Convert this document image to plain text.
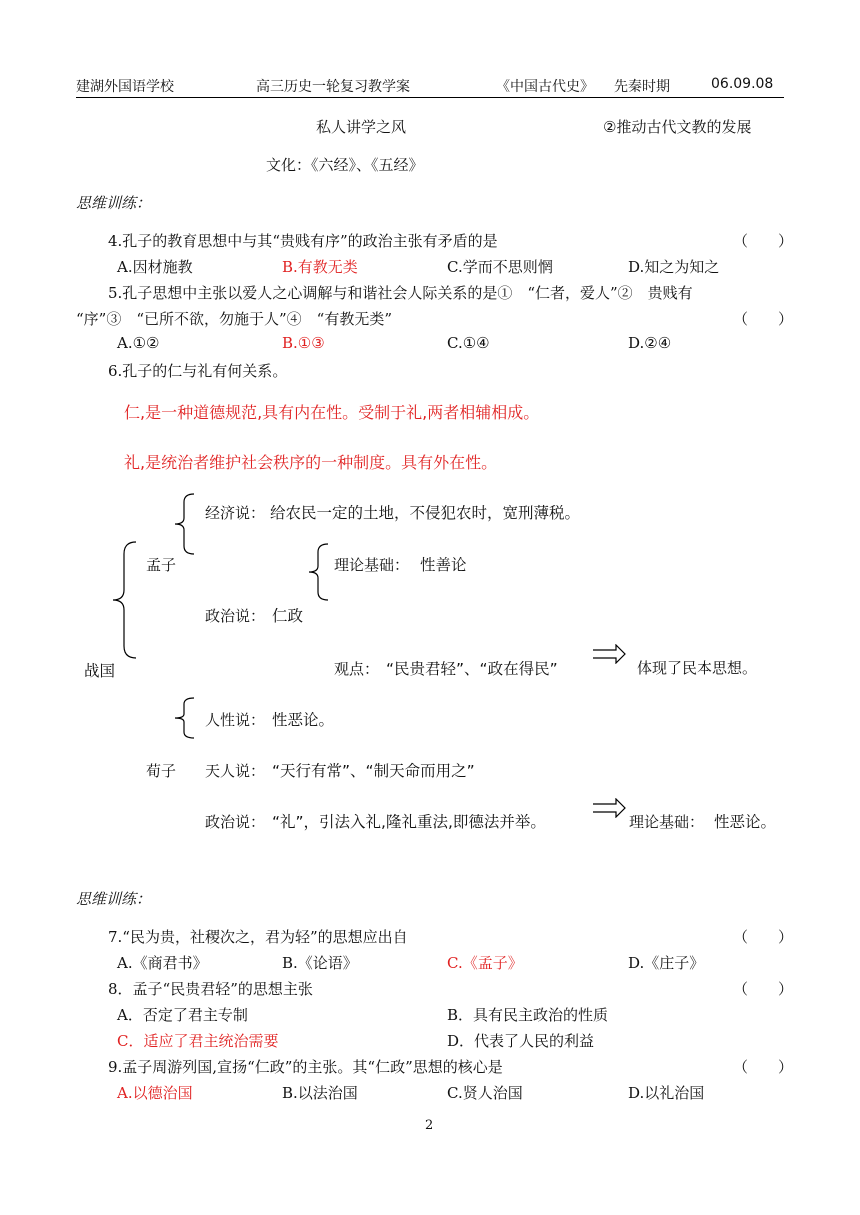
建湖外国语学校	高三历史一轮复习教学案	《中国古代史》 先秦时期	06.09.08
私人讲学之风	②推动古代文教的发展
文化：《六经》、《五经》
思维训练：
4.孔子的教育思想中与其“贵贱有序”的政治主张有矛盾的是	（　　）
A.因材施教	B.有教无类	C.学而不思则惘	D.知之为知之
5.孔子思想中主张以爱人之心调解与和谐社会人际关系的是①　“仁者，爱人”②　贵贱有
“序”③　“已所不欲，勿施于人”④　“有教无类”	（　　）
A.①②	B.①③	C.①④	D.②④
6.孔子的仁与礼有何关系。
仁,是一种道德规范,具有内在性。受制于礼,两者相辅相成。
礼,是统治者维护社会秩序的一种制度。具有外在性。
经济说： 给农民一定的土地，不侵犯农时，宽刑薄税。
孟子	理论基础： 性善论
政治说： 仁政
战国	观点： “民贵君轻”、“政在得民”	体现了民本思想。
人性说： 性恶论。
荀子 天人说： “天行有常”、“制天命而用之”
政治说： “礼”，引法入礼,隆礼重法,即德法并举。	理论基础： 性恶论。
思维训练：
7.“民为贵，社稷次之，君为轻”的思想应出自	（　　）
A.《商君书》	B.《论语》	C.《孟子》	D.《庄子》
8．孟子“民贵君轻”的思想主张	（　　）
A．否定了君主专制	B．具有民主政治的性质
C．适应了君主统治需要	D．代表了人民的利益
9.孟子周游列国,宣扬“仁政”的主张。其“仁政”思想的核心是	（　　）
A.以德治国	B.以法治国	C.贤人治国	D.以礼治国
2
